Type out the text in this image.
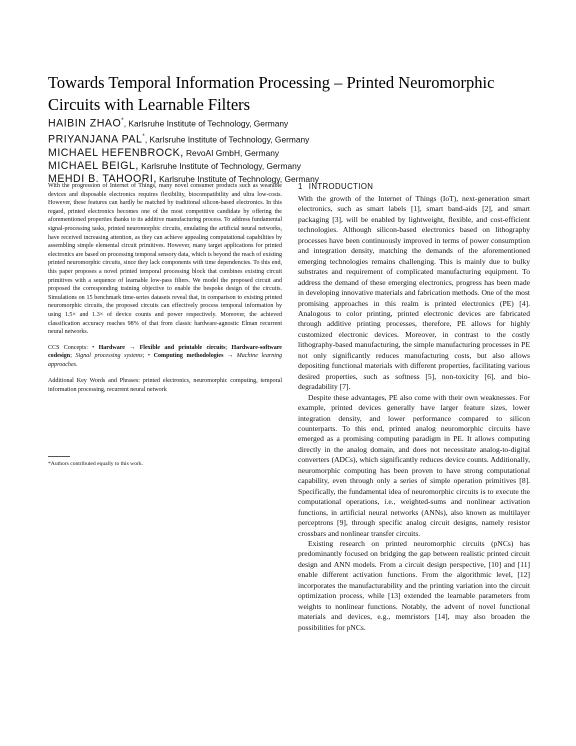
Towards Temporal Information Processing – Printed Neuromorphic Circuits with Learnable Filters
HAIBIN ZHAO*, Karlsruhe Institute of Technology, Germany
PRIYANJANA PAL*, Karlsruhe Institute of Technology, Germany
MICHAEL HEFENBROCK, RevoAI GmbH, Germany
MICHAEL BEIGL, Karlsruhe Institute of Technology, Germany
MEHDI B. TAHOORI, Karlsruhe Institute of Technology, Germany

With the progression of Internet of Things, many novel consumer products such as wearable devices and disposable electronics requires flexibility, biocompatibility and ultra low-costs. However, these features can hardly be matched by traditional silicon-based electronics. In this regard, printed electronics becomes one of the most competitive candidate by offering the aforementioned properties thanks to its additive manufacturing process. To address fundamental signal-processing tasks, printed neuromorphic circuits, emulating the artificial neural networks, have received increasing attention, as they can achieve appealing computational capabilities by assembling simple elemental circuit primitives. However, many target applications for printed electronics are based on processing temporal sensory data, which is beyond the reach of existing printed neuromorphic circuits, since they lack components with time dependencies. To this end, this paper proposes a novel printed temporal processing block that combines existing circuit primitives with a sequence of learnable low-pass filters. We model the proposed circuit and proposed the corresponding training objective to enable the bespoke design of the circuits. Simulations on 15 benchmark time-series datasets reveal that, in comparison to existing printed neuromorphic circuits, the proposed circuits can effectively process temporal information by using 1.5× and 1.3× of device counts and power respectively. Moreover, the achieved classification accuracy reaches 98% of that from classic hardware-agnostic Elman recurrent neural networks.

CCS Concepts: • Hardware → Flexible and printable circuits; Hardware-software codesign; Signal processing systems; • Computing methodologies → Machine learning approaches.

Additional Key Words and Phrases: printed electronics, neuromorphic computing, temporal information processing, recurrent neural network

*Authors contributed equally to this work.
1 INTRODUCTION

With the growth of the Internet of Things (IoT), next-generation smart electronics, such as smart labels [1], smart band-aids [2], and smart packaging [3], will be enabled by lightweight, flexible, and cost-efficient technologies. Although silicon-based electronics based on lithography processes have been continuously improved in terms of power consumption and integration density, matching the demands of the aforementioned emerging technologies remains challenging. This is mainly due to bulky substrates and requirement of complicated manufacturing equipment. To address the demand of these emerging electronics, progress has been made in developing innovative materials and fabrication methods. One of the most promising approaches in this realm is printed electronics (PE) [4]. Analogous to color printing, printed electronic devices are fabricated through additive printing processes, therefore, PE allows for highly customized electronic devices. Moreover, in contrast to the costly lithography-based manufacturing, the simple manufacturing processes in PE not only significantly reduces manufacturing costs, but also allows depositing functional materials with different properties, facilitating various desired properties, such as softness [5], non-toxicity [6], and bio-degradability [7].

Despite these advantages, PE also come with their own weaknesses. For example, printed devices generally have larger feature sizes, lower integration density, and lower performance compared to silicon counterparts. To this end, printed analog neuromorphic circuits have emerged as a promising computing paradigm in PE. It allows computing directly in the analog domain, and does not necessitate analog-to-digital converters (ADCs), which significantly reduces device counts. Additionally, neuromorphic computing has been proven to have strong computational capability, even through only a series of simple operation primitives [8]. Specifically, the fundamental idea of neuromorphic circuits is to execute the computational operations, i.e., weighted-sums and nonlinear activation functions, in artificial neural networks (ANNs), also known as multilayer perceptrons [9], through specific analog circuit designs, namely resistor crossbars and nonlinear transfer circuits.

Existing research on printed neuromorphic circuits (pNCs) has predominantly focused on bridging the gap between realistic printed circuit design and ANN models. From a circuit design perspective, [10] and [11] enable different activation functions. From the algorithmic level, [12] incorporates the manufacturability and the printing variation into the circuit optimization process, while [13] extended the learnable parameters from weights to nonlinear functions. Notably, the advent of novel functional materials and devices, e.g., memristors [14], may also broaden the possibilities for pNCs.
